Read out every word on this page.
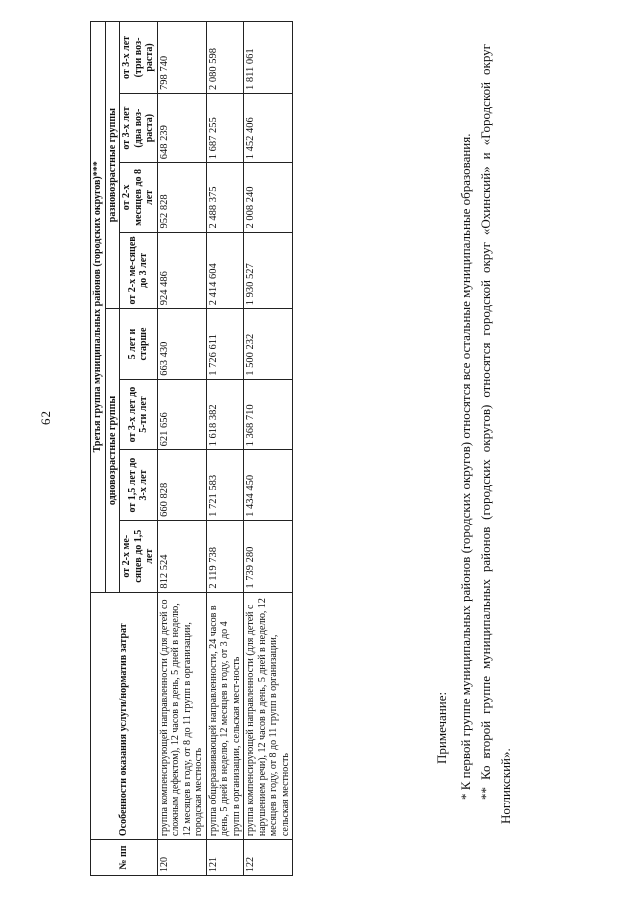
62
№ пп	Особенности оказания услуги/норматив затрат	Третья группа муниципальных районов (городских округов)***							
		одновозрастные группы				разновозрастные группы			
		от 2-х ме-сяцев до 1,5 лет	от 1,5 лет до 3-х лет	от 3-х лет до 5-ти лет	5 лет и старше	от 2-х ме-сяцев до 3 лет	от 2-х месяцев до 8 лет	от 3-х лет (два воз-раста)	от 3-х лет (три воз-раста)
120	группа компенсирующей направленности (для детей со сложным дефектом), 12 часов в день, 5 дней в неделю, 12 месяцев в году, от 8 до 11 групп в организации, городская местность	812 524	660 828	621 656	663 430	924 486	952 828	648 239	798 740
121	группа общеразвивающей направленности, 24 часов в день, 5 дней в неделю, 12 месяцев в году, от 3 до 4 групп в организации, сельская мест-ность	2 119 738	1 721 583	1 618 382	1 726 611	2 414 604	2 488 375	1 687 255	2 080 598
122	группа компенсирующей направленности (для детей с нарушением речи), 12 часов в день, 5 дней в неделю, 12 месяцев в году, от 8 до 11 групп в организации, сельская местность	1 739 280	1 434 450	1 368 710	1 500 232	1 930 527	2 008 240	1 452 406	1 811 061

Примечание: * К первой группе муниципальных районов (городских округов) относятся все остальные муниципальные образования. ** Ко второй группе муниципальных районов (городских округов) относятся городской округ «Охинский» и «Городской округ Ногликский».
